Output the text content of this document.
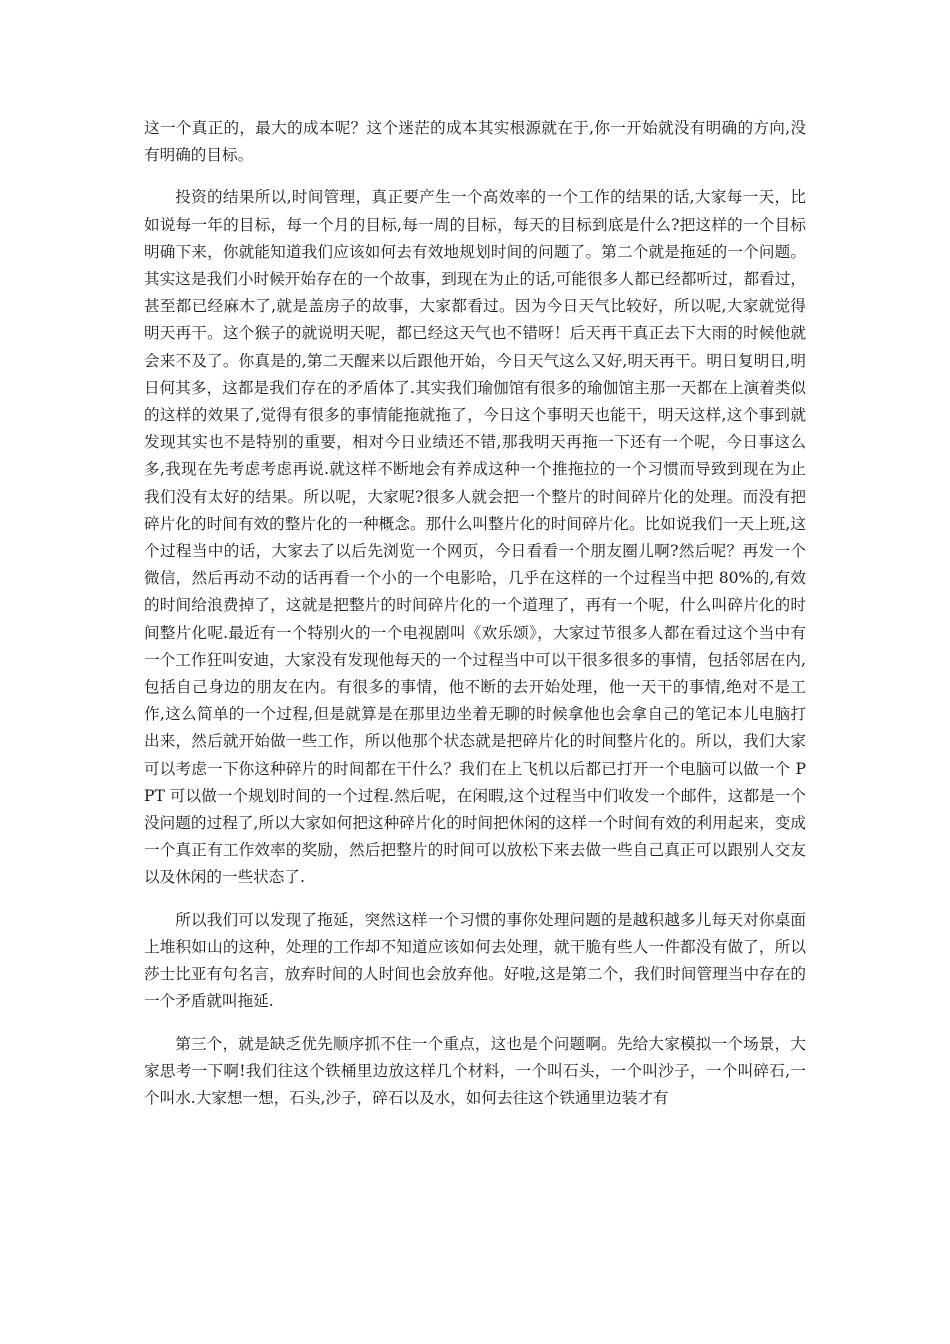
这一个真正的，最大的成本呢？这个迷茫的成本其实根源就在于,你一开始就没有明确的方向,没有明确的目标。

投资的结果所以,时间管理，真正要产生一个高效率的一个工作的结果的话,大家每一天，比如说每一年的目标，每一个月的目标,每一周的目标，每天的目标到底是什么?把这样的一个目标明确下来，你就能知道我们应该如何去有效地规划时间的问题了。第二个就是拖延的一个问题。其实这是我们小时候开始存在的一个故事，到现在为止的话,可能很多人都已经都听过，都看过，甚至都已经麻木了,就是盖房子的故事，大家都看过。因为今日天气比较好，所以呢,大家就觉得明天再干。这个猴子的就说明天呢，都已经这天气也不错呀！后天再干真正去下大雨的时候他就会来不及了。你真是的,第二天醒来以后跟他开始，今日天气这么又好,明天再干。明日复明日,明日何其多，这都是我们存在的矛盾体了.其实我们瑜伽馆有很多的瑜伽馆主那一天都在上演着类似的这样的效果了,觉得有很多的事情能拖就拖了，今日这个事明天也能干，明天这样,这个事到就发现其实也不是特别的重要，相对今日业绩还不错,那我明天再拖一下还有一个呢，今日事这么多,我现在先考虑考虑再说.就这样不断地会有养成这种一个推拖拉的一个习惯而导致到现在为止我们没有太好的结果。所以呢，大家呢?很多人就会把一个整片的时间碎片化的处理。而没有把碎片化的时间有效的整片化的一种概念。那什么叫整片化的时间碎片化。比如说我们一天上班,这个过程当中的话，大家去了以后先浏览一个网页，今日看看一个朋友圈儿啊?然后呢？再发一个微信，然后再动不动的话再看一个小的一个电影哈，几乎在这样的一个过程当中把 80%的,有效的时间给浪费掉了，这就是把整片的时间碎片化的一个道理了，再有一个呢，什么叫碎片化的时间整片化呢.最近有一个特别火的一个电视剧叫《欢乐颂》，大家过节很多人都在看过这个当中有一个工作狂叫安迪，大家没有发现他每天的一个过程当中可以干很多很多的事情，包括邻居在内,包括自己身边的朋友在内。有很多的事情，他不断的去开始处理，他一天干的事情,绝对不是工作,这么简单的一个过程,但是就算是在那里边坐着无聊的时候拿他也会拿自己的笔记本儿电脑打出来，然后就开始做一些工作，所以他那个状态就是把碎片化的时间整片化的。所以，我们大家可以考虑一下你这种碎片的时间都在干什么？我们在上飞机以后都已打开一个电脑可以做一个 PPT 可以做一个规划时间的一个过程.然后呢，在闲暇,这个过程当中们收发一个邮件，这都是一个没问题的过程了,所以大家如何把这种碎片化的时间把休闲的这样一个时间有效的利用起来，变成一个真正有工作效率的奖励，然后把整片的时间可以放松下来去做一些自己真正可以跟别人交友以及休闲的一些状态了.

所以我们可以发现了拖延，突然这样一个习惯的事你处理问题的是越积越多儿每天对你桌面上堆积如山的这种，处理的工作却不知道应该如何去处理，就干脆有些人一件都没有做了，所以莎士比亚有句名言，放弃时间的人时间也会放弃他。好啦,这是第二个，我们时间管理当中存在的一个矛盾就叫拖延.

第三个，就是缺乏优先顺序抓不住一个重点，这也是个问题啊。先给大家模拟一个场景，大家思考一下啊!我们往这个铁桶里边放这样几个材料，一个叫石头，一个叫沙子，一个叫碎石,一个叫水.大家想一想，石头,沙子，碎石以及水，如何去往这个铁通里边装才有
